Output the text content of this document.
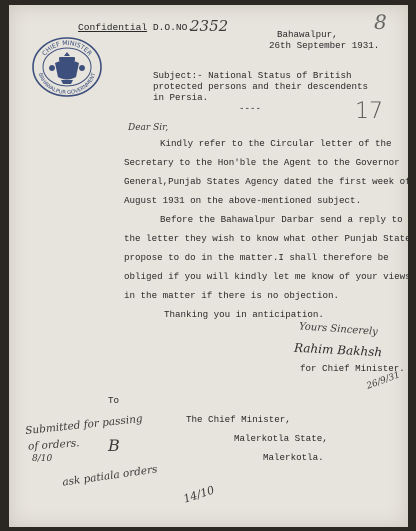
Confidential D.O.NO.
2352	Bahawalpur,
26th September 1931.
8
CHIEF MINISTER
BAHAWALPUR GOVERNMENT	Subject:- National Status of British
protected persons and their descendents
in Persia.
----	17
Dear Sir,
Kindly refer to the Circular letter of the
Secretary to the Hon'ble the Agent to the Governor
General,Punjab States Agency dated the first week of
August 1931 on the above-mentioned subject.
Before the Bahawalpur Darbar send a reply to
the letter they wish to know what other Punjab States
propose to do in the matter.I shall therefore be
obliged if you will kindly let me know of your views
in the matter if there is no objection.
Thanking you in anticipation.
Yours Sincerely
Rahim Bakhsh
for Chief Minister.
26/9/31
To
The Chief Minister,
Malerkotla State,
Malerkotla.
Submitted for passing
of orders. B
8/10
ask patiala orders
14/10
